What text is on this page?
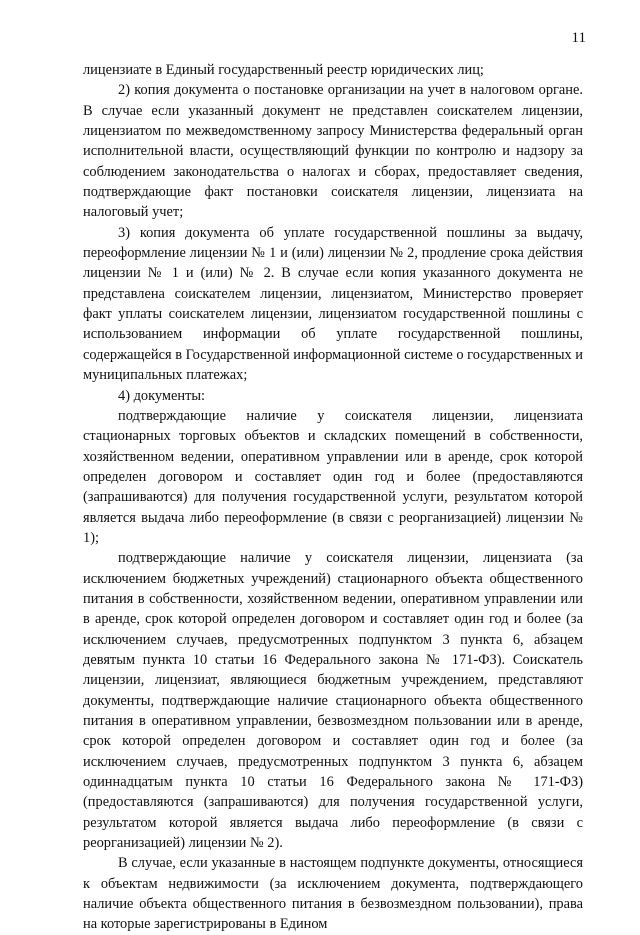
11

лицензиате в Единый государственный реестр юридических лиц;

2) копия документа о постановке организации на учет в налоговом органе. В случае если указанный документ не представлен соискателем лицензии, лицензиатом по межведомственному запросу Министерства федеральный орган исполнительной власти, осуществляющий функции по контролю и надзору за соблюдением законодательства о налогах и сборах, предоставляет сведения, подтверждающие факт постановки соискателя лицензии, лицензиата на налоговый учет;

3) копия документа об уплате государственной пошлины за выдачу, переоформление лицензии № 1 и (или) лицензии № 2, продление срока действия лицензии № 1 и (или) № 2. В случае если копия указанного документа не представлена соискателем лицензии, лицензиатом, Министерство проверяет факт уплаты соискателем лицензии, лицензиатом государственной пошлины с использованием информации об уплате государственной пошлины, содержащейся в Государственной информационной системе о государственных и муниципальных платежах;

4) документы:

подтверждающие наличие у соискателя лицензии, лицензиата стационарных торговых объектов и складских помещений в собственности, хозяйственном ведении, оперативном управлении или в аренде, срок которой определен договором и составляет один год и более (предоставляются (запрашиваются) для получения государственной услуги, результатом которой является выдача либо переоформление (в связи с реорганизацией) лицензии № 1);

подтверждающие наличие у соискателя лицензии, лицензиата (за исключением бюджетных учреждений) стационарного объекта общественного питания в собственности, хозяйственном ведении, оперативном управлении или в аренде, срок которой определен договором и составляет один год и более (за исключением случаев, предусмотренных подпунктом 3 пункта 6, абзацем девятым пункта 10 статьи 16 Федерального закона № 171-ФЗ). Соискатель лицензии, лицензиат, являющиеся бюджетным учреждением, представляют документы, подтверждающие наличие стационарного объекта общественного питания в оперативном управлении, безвозмездном пользовании или в аренде, срок которой определен договором и составляет один год и более (за исключением случаев, предусмотренных подпунктом 3 пункта 6, абзацем одиннадцатым пункта 10 статьи 16 Федерального закона № 171-ФЗ) (предоставляются (запрашиваются) для получения государственной услуги, результатом которой является выдача либо переоформление (в связи с реорганизацией) лицензии № 2).

В случае, если указанные в настоящем подпункте документы, относящиеся к объектам недвижимости (за исключением документа, подтверждающего наличие объекта общественного питания в безвозмездном пользовании), права на которые зарегистрированы в Едином
